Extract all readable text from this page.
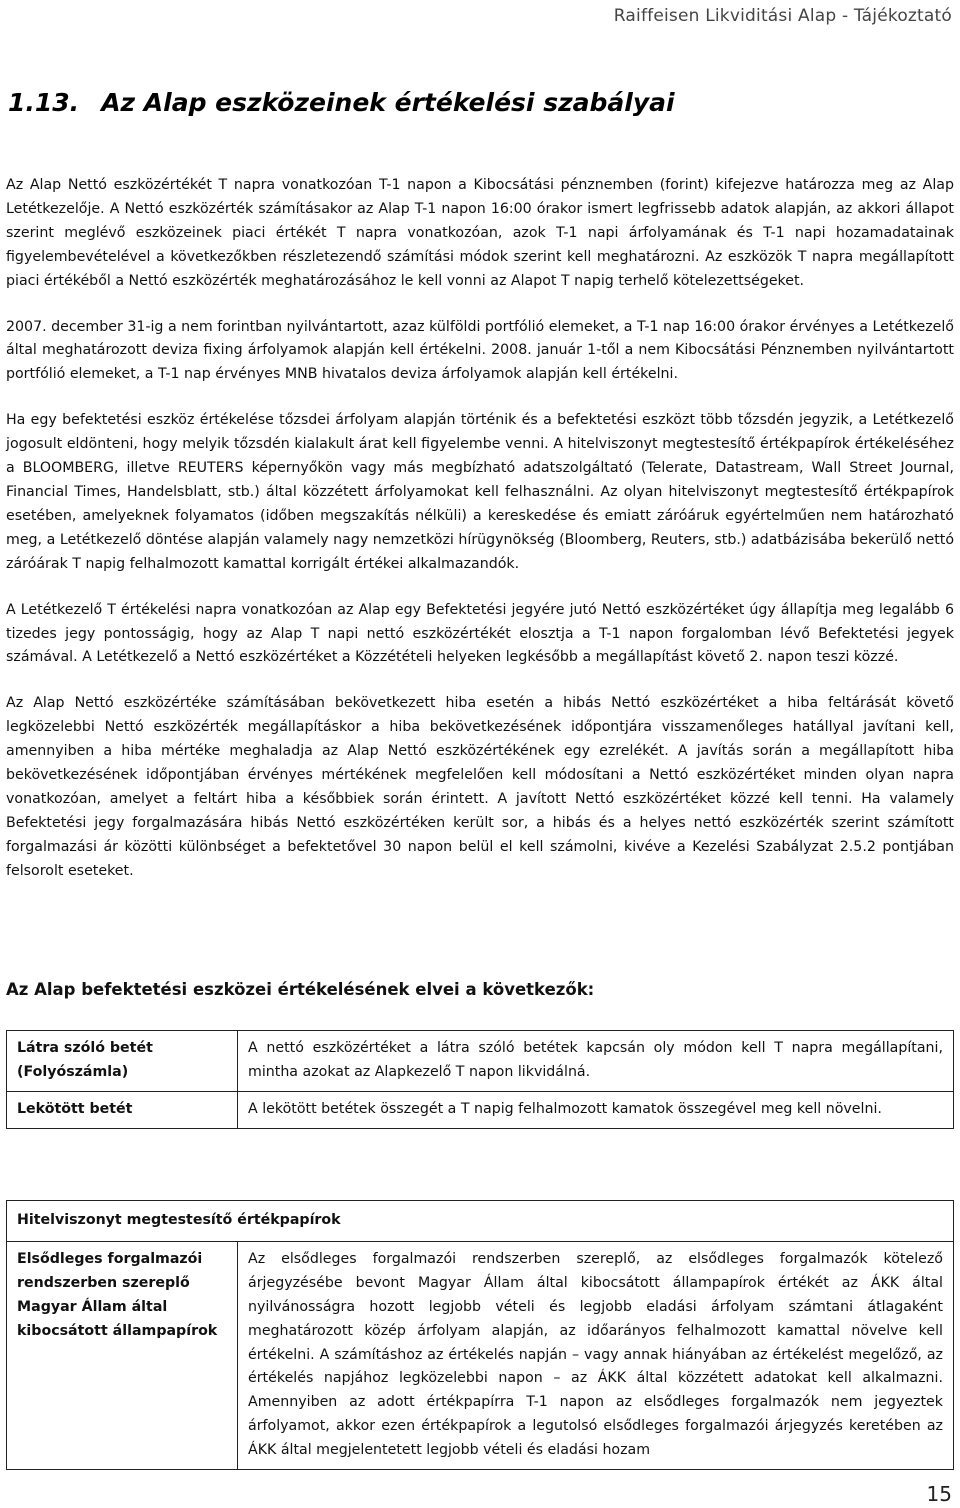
Raiffeisen Likviditási Alap - Tájékoztató
1.13. Az Alap eszközeinek értékelési szabályai

Az Alap Nettó eszközértékét T napra vonatkozóan T-1 napon a Kibocsátási pénznemben (forint) kifejezve határozza meg az Alap Letétkezelője. A Nettó eszközérték számításakor az Alap T-1 napon 16:00 órakor ismert legfrissebb adatok alapján, az akkori állapot szerint meglévő eszközeinek piaci értékét T napra vonatkozóan, azok T-1 napi árfolyamának és T-1 napi hozamadatainak figyelembevételével a következőkben részletezendő számítási módok szerint kell meghatározni. Az eszközök T napra megállapított piaci értékéből a Nettó eszközérték meghatározásához le kell vonni az Alapot T napig terhelő kötelezettségeket.

2007. december 31-ig a nem forintban nyilvántartott, azaz külföldi portfólió elemeket, a T-1 nap 16:00 órakor érvényes a Letétkezelő által meghatározott deviza fixing árfolyamok alapján kell értékelni. 2008. január 1-től a nem Kibocsátási Pénznemben nyilvántartott portfólió elemeket, a T-1 nap érvényes MNB hivatalos deviza árfolyamok alapján kell értékelni.

Ha egy befektetési eszköz értékelése tőzsdei árfolyam alapján történik és a befektetési eszközt több tőzsdén jegyzik, a Letétkezelő jogosult eldönteni, hogy melyik tőzsdén kialakult árat kell figyelembe venni. A hitelviszonyt megtestesítő értékpapírok értékeléséhez a BLOOMBERG, illetve REUTERS képernyőkön vagy más megbízható adatszolgáltató (Telerate, Datastream, Wall Street Journal, Financial Times, Handelsblatt, stb.) által közzétett árfolyamokat kell felhasználni. Az olyan hitelviszonyt megtestesítő értékpapírok esetében, amelyeknek folyamatos (időben megszakítás nélküli) a kereskedése és emiatt záróáruk egyértelműen nem határozható meg, a Letétkezelő döntése alapján valamely nagy nemzetközi hírügynökség (Bloomberg, Reuters, stb.) adatbázisába bekerülő nettó záróárak T napig felhalmozott kamattal korrigált értékei alkalmazandók.

A Letétkezelő T értékelési napra vonatkozóan az Alap egy Befektetési jegyére jutó Nettó eszközértéket úgy állapítja meg legalább 6 tizedes jegy pontosságig, hogy az Alap T napi nettó eszközértékét elosztja a T-1 napon forgalomban lévő Befektetési jegyek számával. A Letétkezelő a Nettó eszközértéket a Közzétételi helyeken legkésőbb a megállapítást követő 2. napon teszi közzé.

Az Alap Nettó eszközértéke számításában bekövetkezett hiba esetén a hibás Nettó eszközértéket a hiba feltárását követő legközelebbi Nettó eszközérték megállapításkor a hiba bekövetkezésének időpontjára visszamenőleges hatállyal javítani kell, amennyiben a hiba mértéke meghaladja az Alap Nettó eszközértékének egy ezrelékét. A javítás során a megállapított hiba bekövetkezésének időpontjában érvényes mértékének megfelelően kell módosítani a Nettó eszközértéket minden olyan napra vonatkozóan, amelyet a feltárt hiba a későbbiek során érintett. A javított Nettó eszközértéket közzé kell tenni. Ha valamely Befektetési jegy forgalmazására hibás Nettó eszközértéken került sor, a hibás és a helyes nettó eszközérték szerint számított forgalmazási ár közötti különbséget a befektetővel 30 napon belül el kell számolni, kivéve a Kezelési Szabályzat 2.5.2 pontjában felsorolt eseteket.

Az Alap befektetési eszközei értékelésének elvei a következők:
Látra szóló betét (Folyószámla)	A nettó eszközértéket a látra szóló betétek kapcsán oly módon kell T napra megállapítani, mintha azokat az Alapkezelő T napon likvidálná.
Lekötött betét	A lekötött betétek összegét a T napig felhalmozott kamatok összegével meg kell növelni.
Hitelviszonyt megtestesítő értékpapírok
Elsődleges forgalmazói rendszerben szereplő Magyar Állam által kibocsátott állampapírok	Az elsődleges forgalmazói rendszerben szereplő, az elsődleges forgalmazók kötelező árjegyzésébe bevont Magyar Állam által kibocsátott állampapírok értékét az ÁKK által nyilvánosságra hozott legjobb vételi és legjobb eladási árfolyam számtani átlagaként meghatározott közép árfolyam alapján, az időarányos felhalmozott kamattal növelve kell értékelni. A számításhoz az értékelés napján – vagy annak hiányában az értékelést megelőző, az értékelés napjához legközelebbi napon – az ÁKK által közzétett adatokat kell alkalmazni. Amennyiben az adott értékpapírra T-1 napon az elsődleges forgalmazók nem jegyeztek árfolyamot, akkor ezen értékpapírok a legutolsó elsődleges forgalmazói árjegyzés keretében az ÁKK által megjelentetett legjobb vételi és eladási hozam
15
